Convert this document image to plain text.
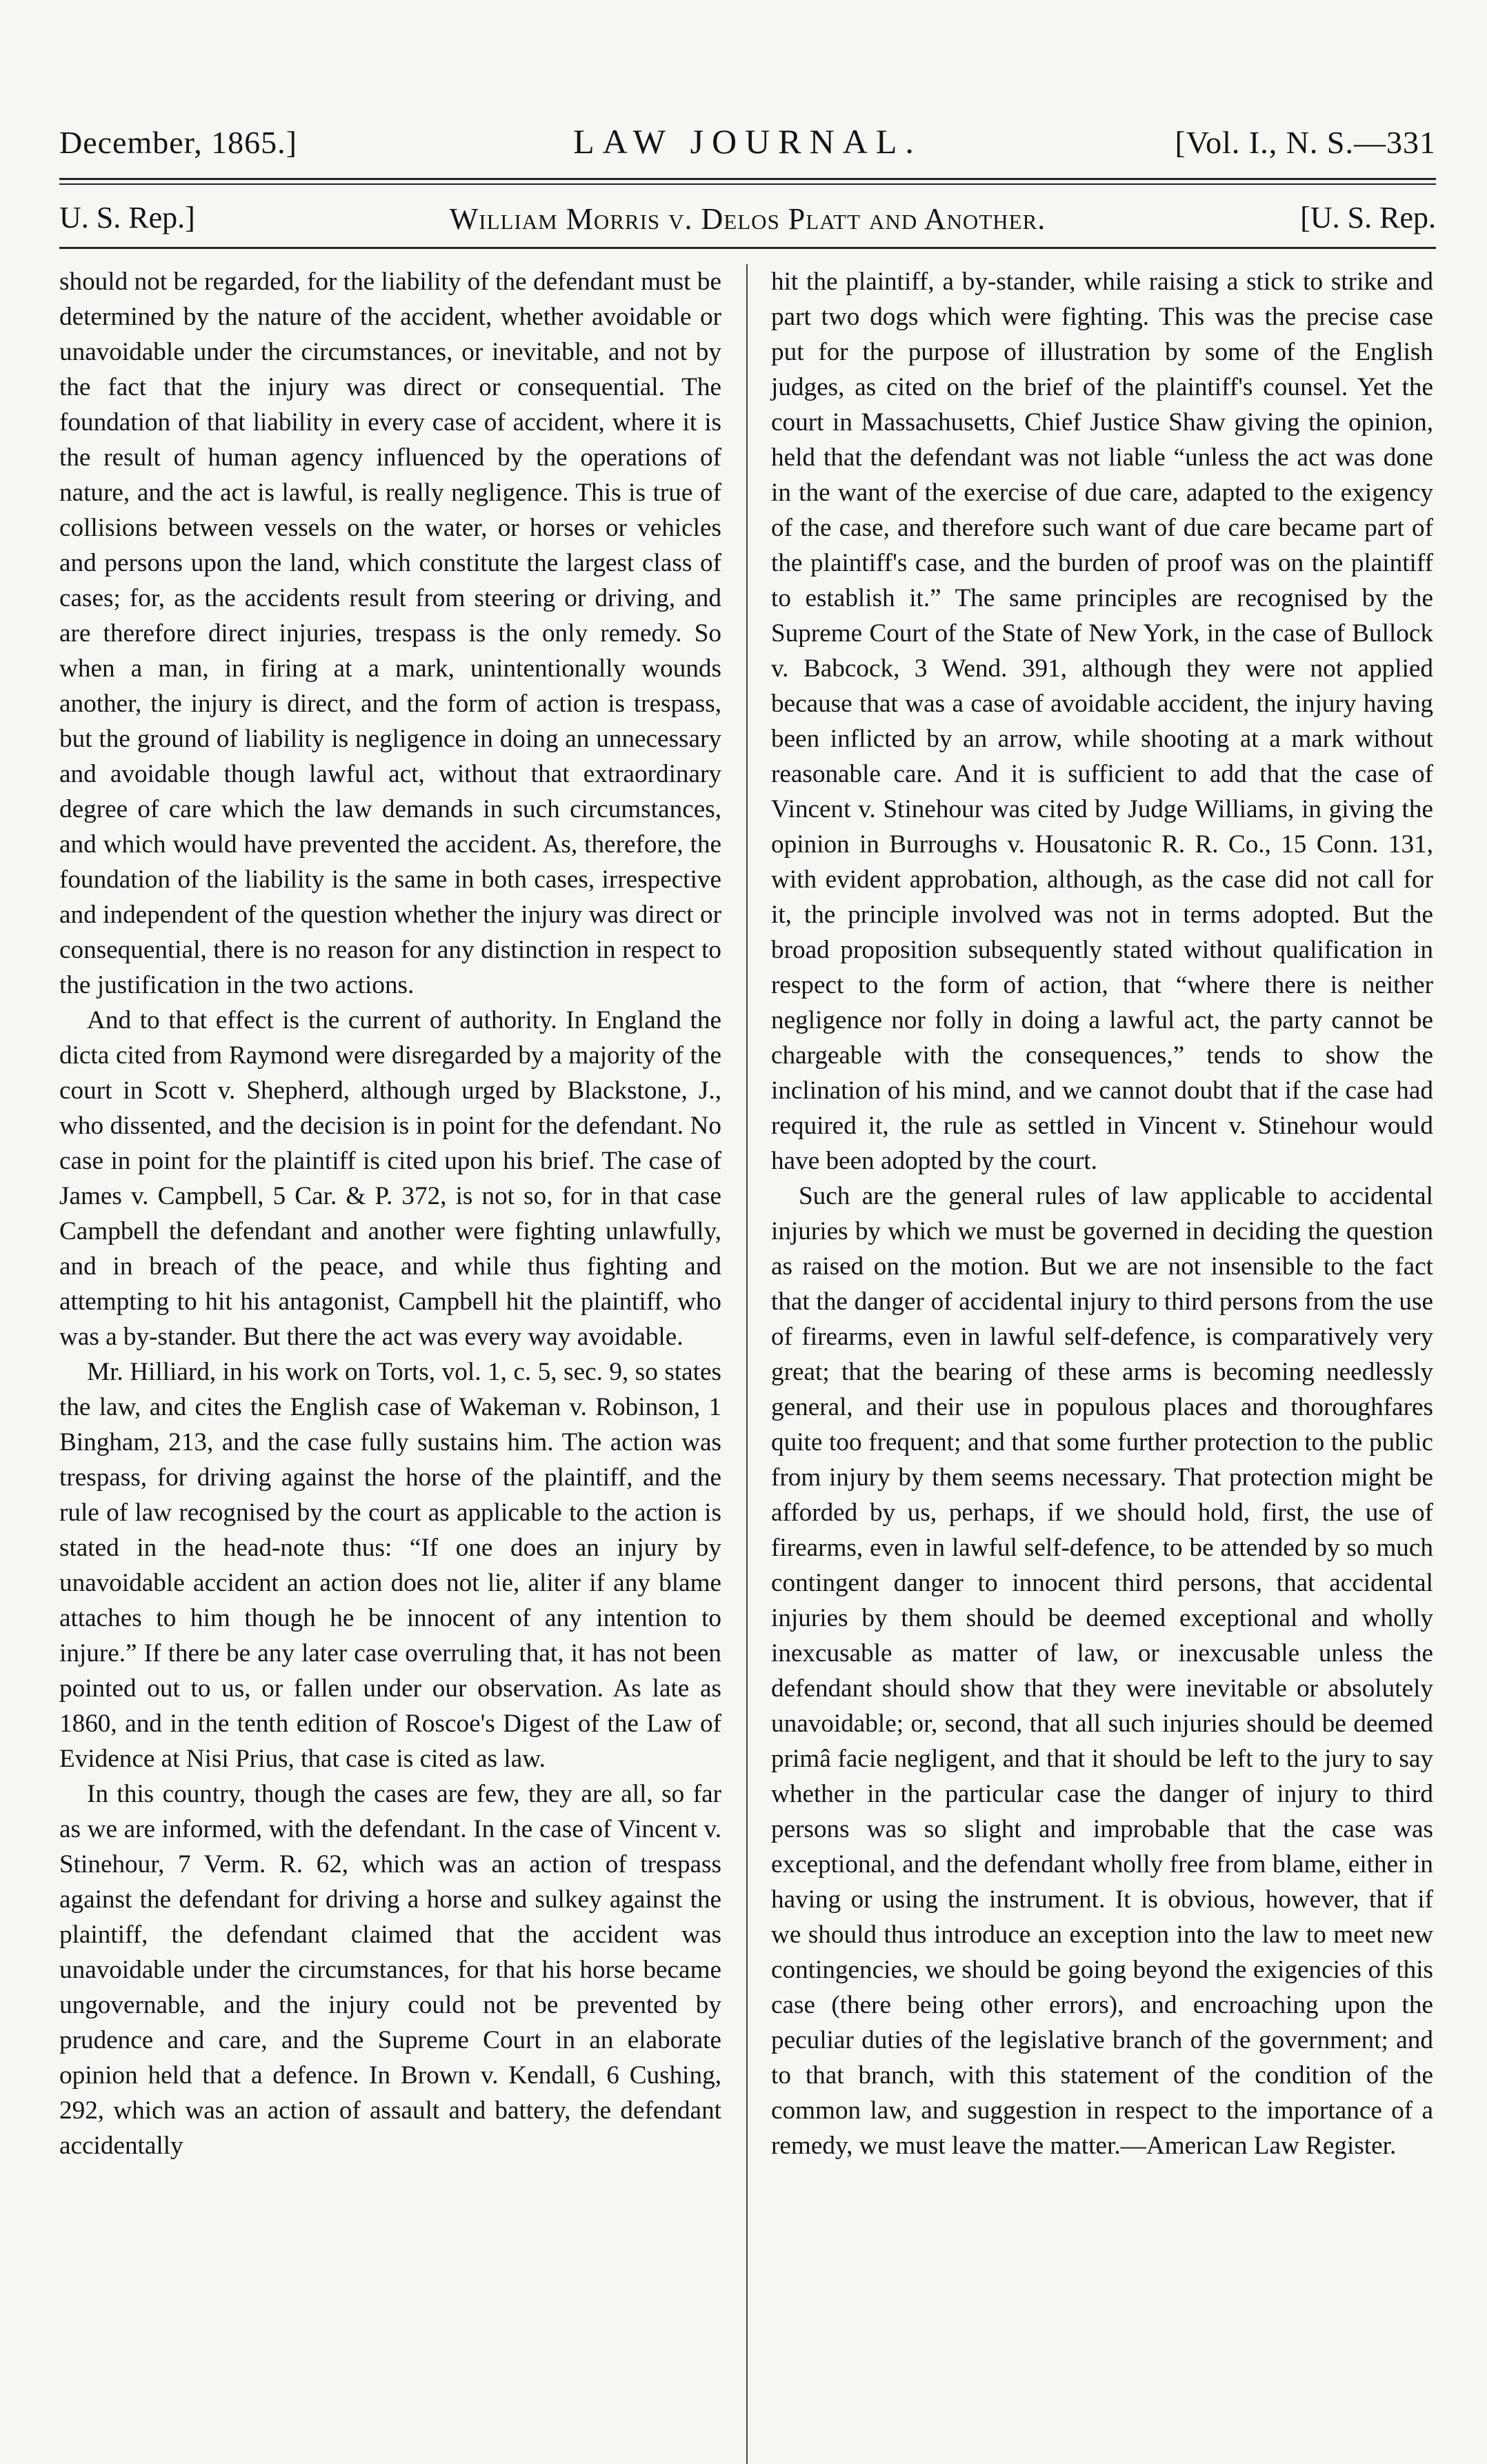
December, 1865.]	LAW JOURNAL.	[Vol. I., N. S.—331
U. S. Rep.]	William Morris v. Delos Platt and Another.	[U. S. Rep.

should not be regarded, for the liability of the defendant must be determined by the nature of the accident, whether avoidable or unavoidable under the circumstances, or inevitable, and not by the fact that the injury was direct or consequential. The foundation of that liability in every case of accident, where it is the result of human agency influenced by the operations of nature, and the act is lawful, is really negligence. This is true of collisions between vessels on the water, or horses or vehicles and persons upon the land, which constitute the largest class of cases; for, as the accidents result from steering or driving, and are therefore direct injuries, trespass is the only remedy. So when a man, in firing at a mark, unintentionally wounds another, the injury is direct, and the form of action is trespass, but the ground of liability is negligence in doing an unnecessary and avoidable though lawful act, without that extraordinary degree of care which the law demands in such circumstances, and which would have prevented the accident. As, therefore, the foundation of the liability is the same in both cases, irrespective and independent of the question whether the injury was direct or consequential, there is no reason for any distinction in respect to the justification in the two actions.

And to that effect is the current of authority. In England the dicta cited from Raymond were disregarded by a majority of the court in Scott v. Shepherd, although urged by Blackstone, J., who dissented, and the decision is in point for the defendant. No case in point for the plaintiff is cited upon his brief. The case of James v. Campbell, 5 Car. & P. 372, is not so, for in that case Campbell the defendant and another were fighting unlawfully, and in breach of the peace, and while thus fighting and attempting to hit his antagonist, Campbell hit the plaintiff, who was a by-stander. But there the act was every way avoidable.

Mr. Hilliard, in his work on Torts, vol. 1, c. 5, sec. 9, so states the law, and cites the English case of Wakeman v. Robinson, 1 Bingham, 213, and the case fully sustains him. The action was trespass, for driving against the horse of the plaintiff, and the rule of law recognised by the court as applicable to the action is stated in the head-note thus: “If one does an injury by unavoidable accident an action does not lie, aliter if any blame attaches to him though he be innocent of any intention to injure.” If there be any later case overruling that, it has not been pointed out to us, or fallen under our observation. As late as 1860, and in the tenth edition of Roscoe's Digest of the Law of Evidence at Nisi Prius, that case is cited as law.

In this country, though the cases are few, they are all, so far as we are informed, with the defendant. In the case of Vincent v. Stinehour, 7 Verm. R. 62, which was an action of trespass against the defendant for driving a horse and sulkey against the plaintiff, the defendant claimed that the accident was unavoidable under the circumstances, for that his horse became ungovernable, and the injury could not be prevented by prudence and care, and the Supreme Court in an elaborate opinion held that a defence. In Brown v. Kendall, 6 Cushing, 292, which was an action of assault and battery, the defendant accidentally

hit the plaintiff, a by-stander, while raising a stick to strike and part two dogs which were fighting. This was the precise case put for the purpose of illustration by some of the English judges, as cited on the brief of the plaintiff's counsel. Yet the court in Massachusetts, Chief Justice Shaw giving the opinion, held that the defendant was not liable “unless the act was done in the want of the exercise of due care, adapted to the exigency of the case, and therefore such want of due care became part of the plaintiff's case, and the burden of proof was on the plaintiff to establish it.” The same principles are recognised by the Supreme Court of the State of New York, in the case of Bullock v. Babcock, 3 Wend. 391, although they were not applied because that was a case of avoidable accident, the injury having been inflicted by an arrow, while shooting at a mark without reasonable care. And it is sufficient to add that the case of Vincent v. Stinehour was cited by Judge Williams, in giving the opinion in Burroughs v. Housatonic R. R. Co., 15 Conn. 131, with evident approbation, although, as the case did not call for it, the principle involved was not in terms adopted. But the broad proposition subsequently stated without qualification in respect to the form of action, that “where there is neither negligence nor folly in doing a lawful act, the party cannot be chargeable with the consequences,” tends to show the inclination of his mind, and we cannot doubt that if the case had required it, the rule as settled in Vincent v. Stinehour would have been adopted by the court.

Such are the general rules of law applicable to accidental injuries by which we must be governed in deciding the question as raised on the motion. But we are not insensible to the fact that the danger of accidental injury to third persons from the use of firearms, even in lawful self-defence, is comparatively very great; that the bearing of these arms is becoming needlessly general, and their use in populous places and thoroughfares quite too frequent; and that some further protection to the public from injury by them seems necessary. That protection might be afforded by us, perhaps, if we should hold, first, the use of firearms, even in lawful self-defence, to be attended by so much contingent danger to innocent third persons, that accidental injuries by them should be deemed exceptional and wholly inexcusable as matter of law, or inexcusable unless the defendant should show that they were inevitable or absolutely unavoidable; or, second, that all such injuries should be deemed primâ facie negligent, and that it should be left to the jury to say whether in the particular case the danger of injury to third persons was so slight and improbable that the case was exceptional, and the defendant wholly free from blame, either in having or using the instrument. It is obvious, however, that if we should thus introduce an exception into the law to meet new contingencies, we should be going beyond the exigencies of this case (there being other errors), and encroaching upon the peculiar duties of the legislative branch of the government; and to that branch, with this statement of the condition of the common law, and suggestion in respect to the importance of a remedy, we must leave the matter.—American Law Register.
